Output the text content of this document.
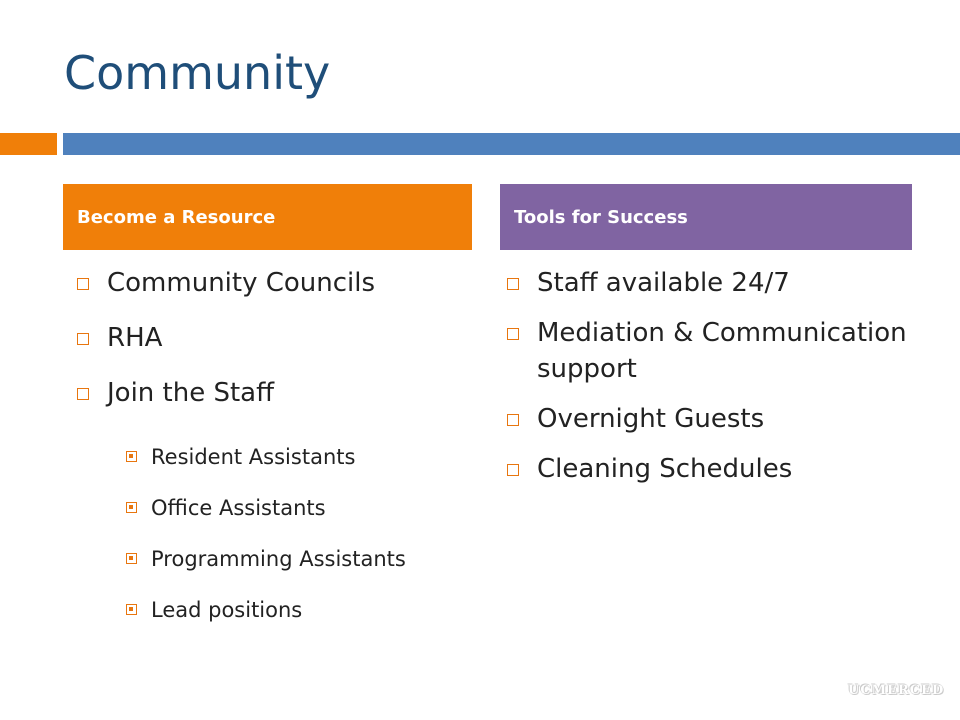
Community
Become a Resource	Tools for Success
Community Councils
RHA
Join the Staff
Resident Assistants
Office Assistants
Programming Assistants
Lead positions
Staff available 24/7
Mediation & Communication support
Overnight Guests
Cleaning Schedules
UCMERCED
